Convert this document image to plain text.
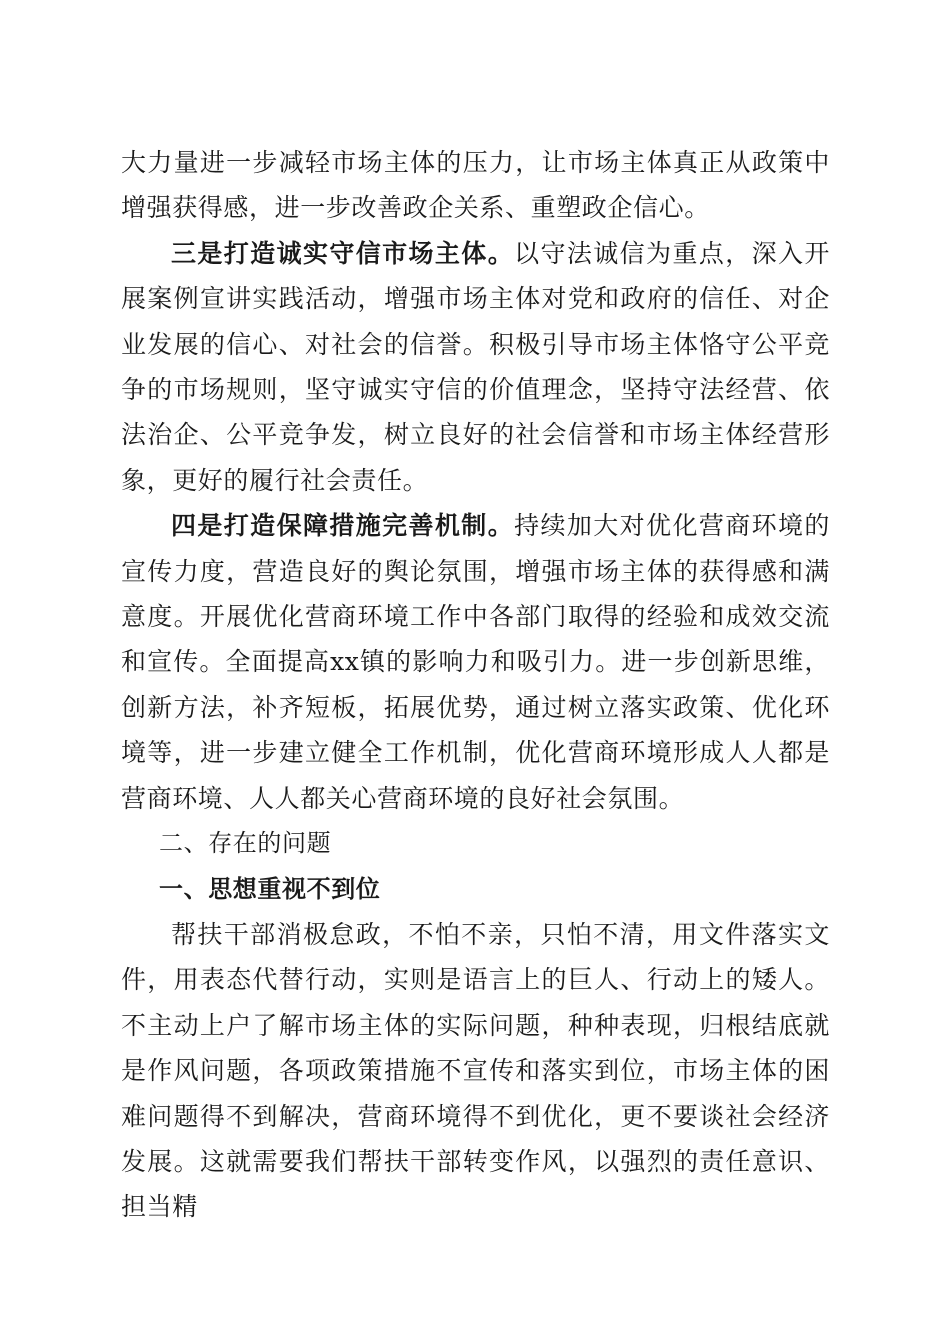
大力量进一步减轻市场主体的压力，让市场主体真正从政策中增强获得感，进一步改善政企关系、重塑政企信心。

三是打造诚实守信市场主体。以守法诚信为重点，深入开展案例宣讲实践活动，增强市场主体对党和政府的信任、对企业发展的信心、对社会的信誉。积极引导市场主体恪守公平竞争的市场规则，坚守诚实守信的价值理念，坚持守法经营、依法治企、公平竞争发，树立良好的社会信誉和市场主体经营形象，更好的履行社会责任。

四是打造保障措施完善机制。持续加大对优化营商环境的宣传力度，营造良好的舆论氛围，增强市场主体的获得感和满意度。开展优化营商环境工作中各部门取得的经验和成效交流和宣传。全面提高xx镇的影响力和吸引力。进一步创新思维，创新方法，补齐短板，拓展优势，通过树立落实政策、优化环境等，进一步建立健全工作机制，优化营商环境形成人人都是营商环境、人人都关心营商环境的良好社会氛围。

二、存在的问题
一、思想重视不到位

帮扶干部消极怠政，不怕不亲，只怕不清，用文件落实文件，用表态代替行动，实则是语言上的巨人、行动上的矮人。不主动上户了解市场主体的实际问题，种种表现，归根结底就是作风问题，各项政策措施不宣传和落实到位，市场主体的困难问题得不到解决，营商环境得不到优化，更不要谈社会经济发展。这就需要我们帮扶干部转变作风，以强烈的责任意识、担当精
